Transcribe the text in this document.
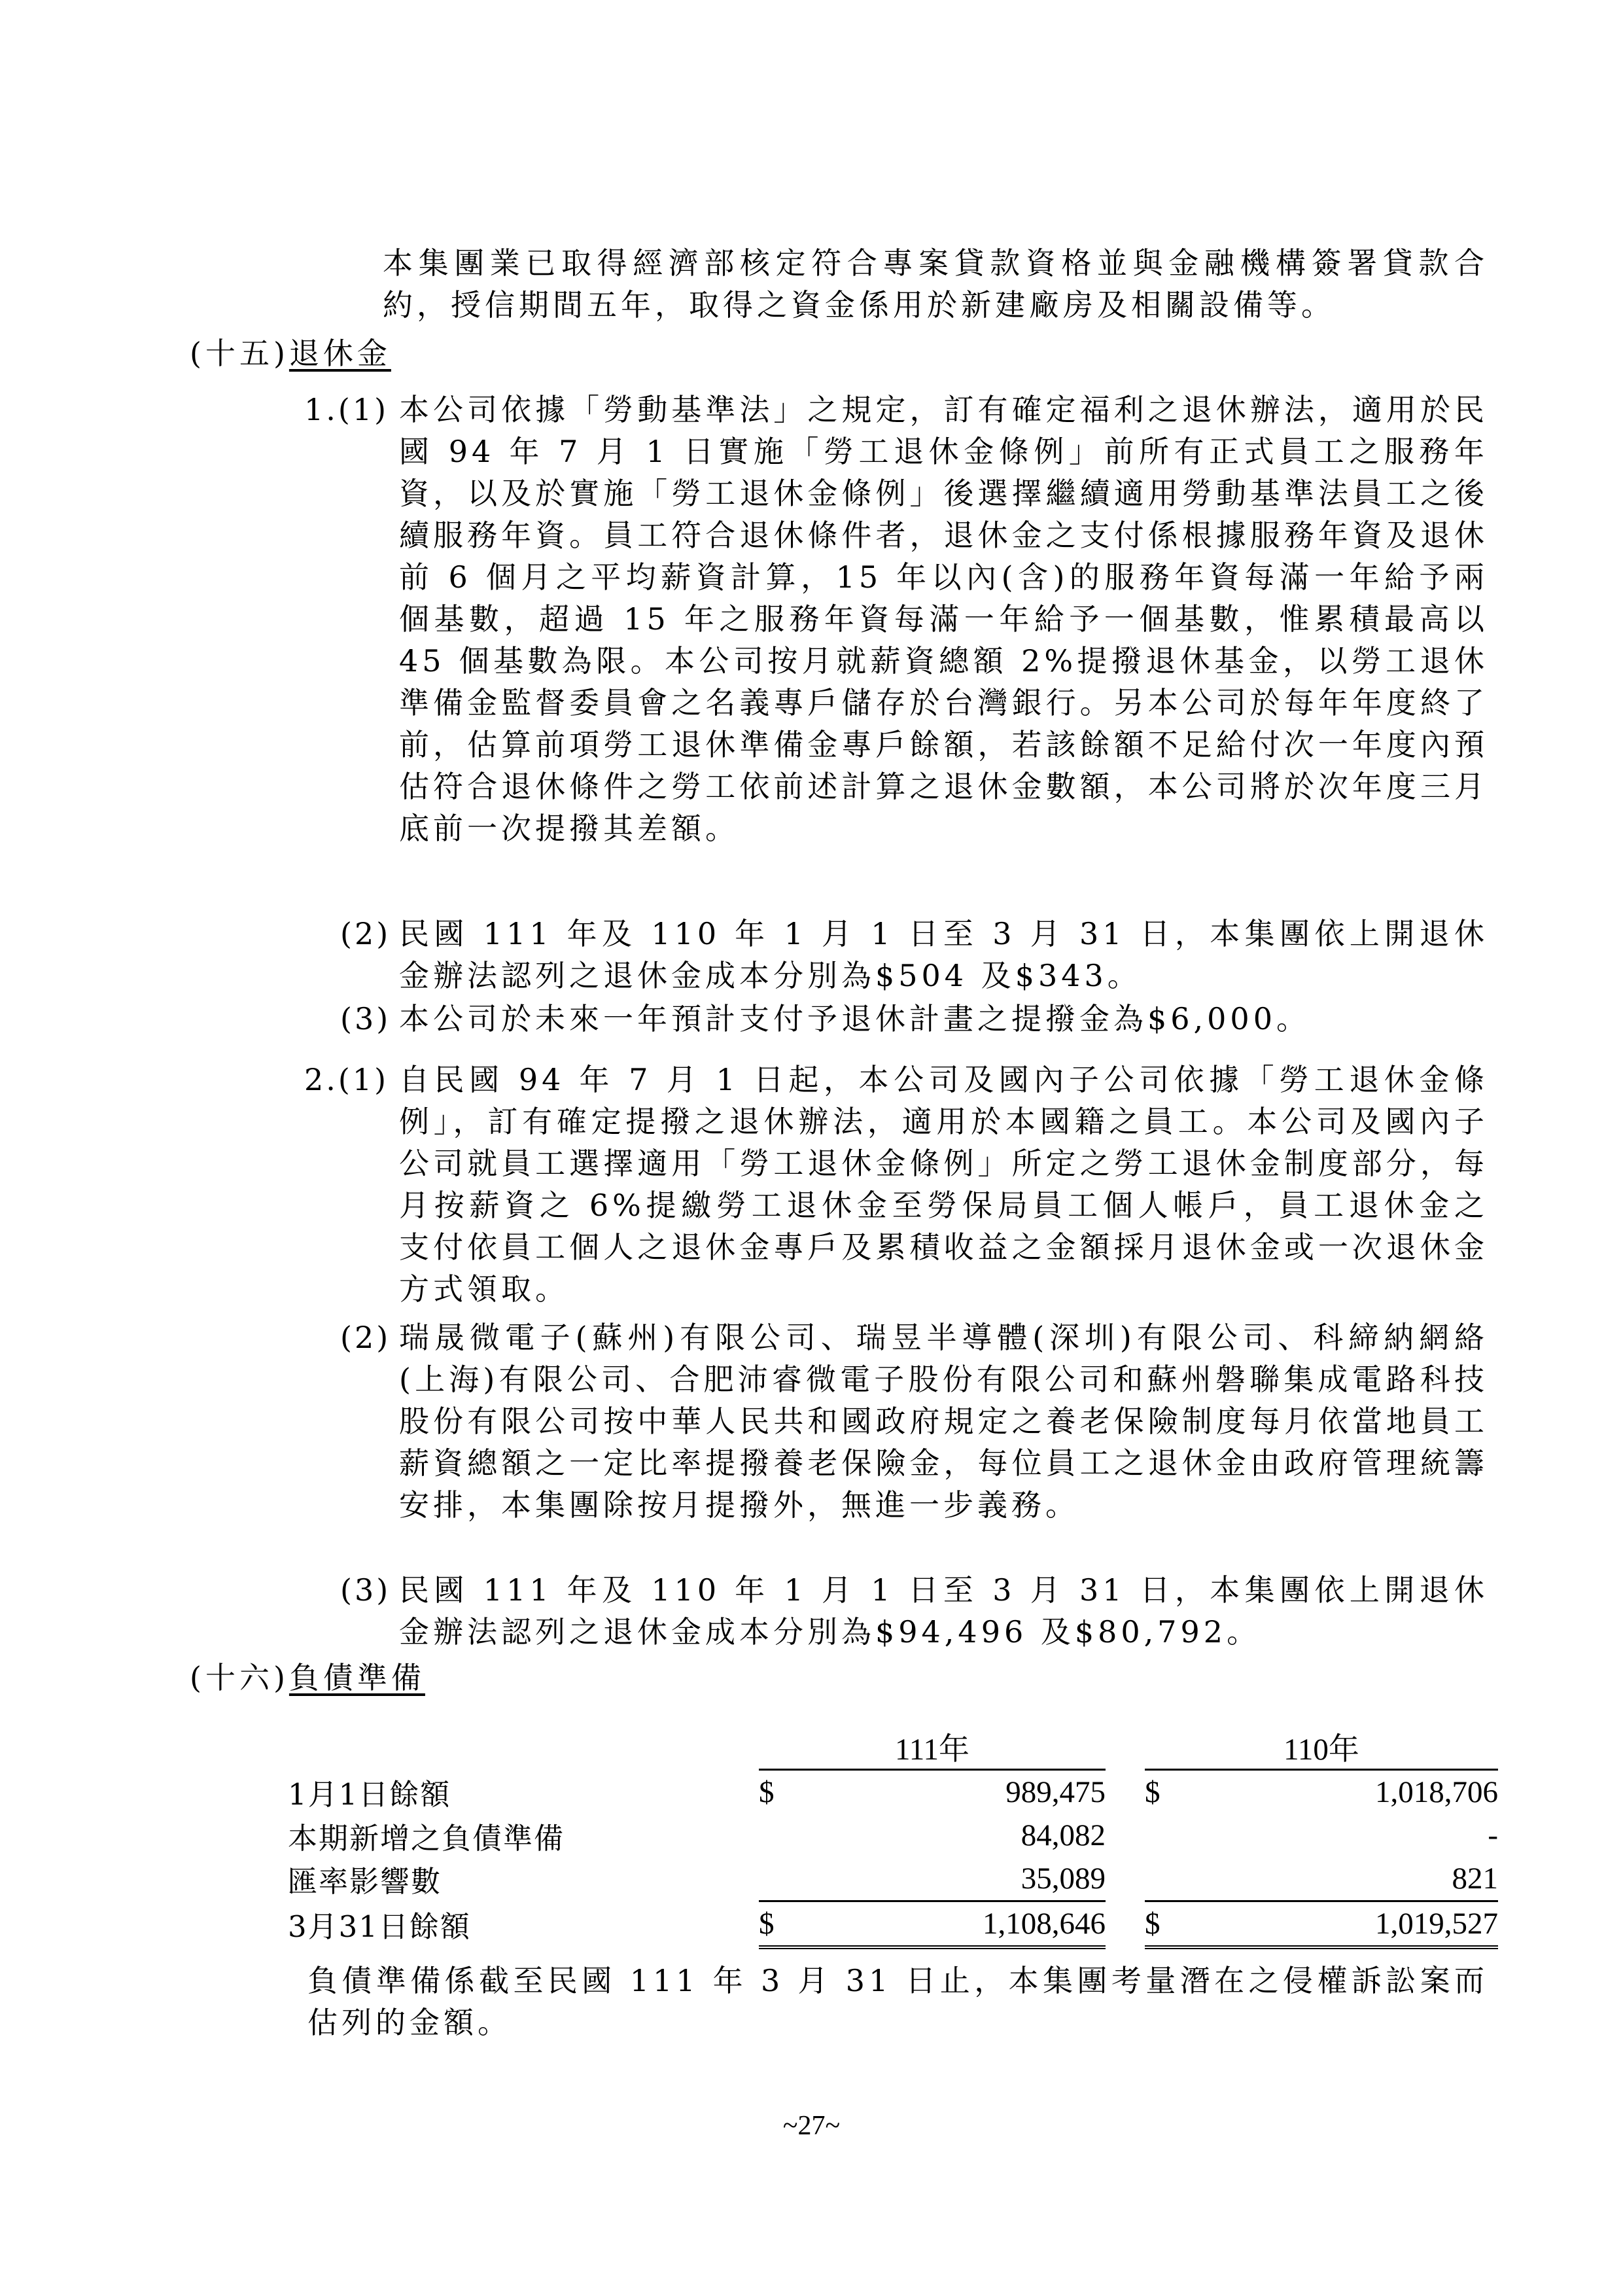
本集團業已取得經濟部核定符合專案貸款資格並與金融機構簽署貸款合約，授信期間五年，取得之資金係用於新建廠房及相關設備等。
(十五)退休金
1.(1) 本公司依據「勞動基準法」之規定，訂有確定福利之退休辦法，適用於民國 94 年 7 月 1 日實施「勞工退休金條例」前所有正式員工之服務年資，以及於實施「勞工退休金條例」後選擇繼續適用勞動基準法員工之後續服務年資。員工符合退休條件者，退休金之支付係根據服務年資及退休前 6 個月之平均薪資計算，15 年以內(含)的服務年資每滿一年給予兩個基數，超過 15 年之服務年資每滿一年給予一個基數，惟累積最高以 45 個基數為限。本公司按月就薪資總額 2%提撥退休基金，以勞工退休準備金監督委員會之名義專戶儲存於台灣銀行。另本公司於每年年度終了前，估算前項勞工退休準備金專戶餘額，若該餘額不足給付次一年度內預估符合退休條件之勞工依前述計算之退休金數額，本公司將於次年度三月底前一次提撥其差額。
(2) 民國 111 年及 110 年 1 月 1 日至 3 月 31 日，本集團依上開退休金辦法認列之退休金成本分別為$504 及$343。
(3) 本公司於未來一年預計支付予退休計畫之提撥金為$6,000。
2.(1) 自民國 94 年 7 月 1 日起，本公司及國內子公司依據「勞工退休金條例」，訂有確定提撥之退休辦法，適用於本國籍之員工。本公司及國內子公司就員工選擇適用「勞工退休金條例」所定之勞工退休金制度部分，每月按薪資之 6%提繳勞工退休金至勞保局員工個人帳戶，員工退休金之支付依員工個人之退休金專戶及累積收益之金額採月退休金或一次退休金方式領取。
(2) 瑞晟微電子(蘇州)有限公司、瑞昱半導體(深圳)有限公司、科締納網絡(上海)有限公司、合肥沛睿微電子股份有限公司和蘇州磐聯集成電路科技股份有限公司按中華人民共和國政府規定之養老保險制度每月依當地員工薪資總額之一定比率提撥養老保險金，每位員工之退休金由政府管理統籌安排，本集團除按月提撥外，無進一步義務。
(3) 民國 111 年及 110 年 1 月 1 日至 3 月 31 日，本集團依上開退休金辦法認列之退休金成本分別為$94,496 及$80,792。
(十六)負債準備
	111年			110年	
1月1日餘額	$	989,475		$	1,018,706
本期新增之負債準備		84,082			-
匯率影響數		35,089			821
3月31日餘額	$	1,108,646		$	1,019,527
負債準備係截至民國 111 年 3 月 31 日止，本集團考量潛在之侵權訴訟案而估列的金額。
~27~
